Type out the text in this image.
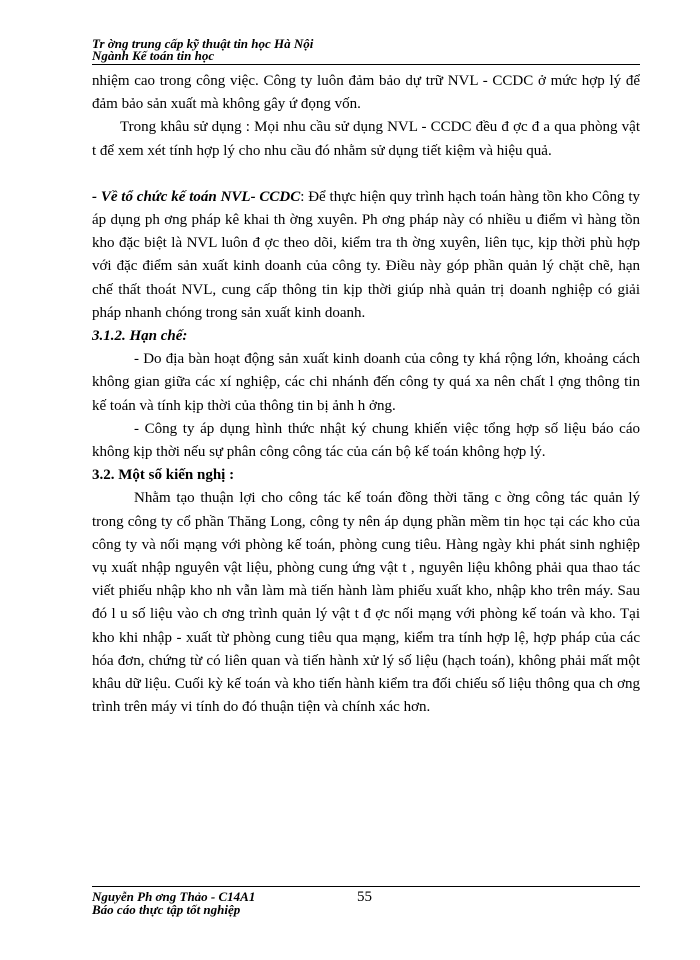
Tr ờng trung cấp kỹ thuật tin học Hà Nội
Ngành Kế toán tin học

nhiệm cao trong công việc. Công ty luôn đảm bảo dự trữ NVL - CCDC ở mức hợp lý để đảm bảo sản xuất mà không gây ứ đọng vốn.

Trong khâu sử dụng : Mọi nhu cầu sử dụng NVL - CCDC đều đ ợc đ a qua phòng vật t để xem xét tính hợp lý cho nhu cầu đó nhằm sử dụng tiết kiệm và hiệu quả.

- Về tổ chức kế toán NVL- CCDC: Để thực hiện quy trình hạch toán hàng tồn kho Công ty áp dụng ph ơng pháp kê khai th ờng xuyên. Ph ơng pháp này có nhiều u điểm vì hàng tồn kho đặc biệt là NVL luôn đ ợc theo dõi, kiểm tra th ờng xuyên, liên tục, kịp thời phù hợp với đặc điểm sản xuất kinh doanh của công ty. Điều này góp phần quản lý chặt chẽ, hạn chế thất thoát NVL, cung cấp thông tin kịp thời giúp nhà quản trị doanh nghiệp có giải pháp nhanh chóng trong sản xuất kinh doanh.

3.1.2. Hạn chế:

- Do địa bàn hoạt động sản xuất kinh doanh của công ty khá rộng lớn, khoảng cách không gian giữa các xí nghiệp, các chi nhánh đến công ty quá xa nên chất l ợng thông tin kế toán và tính kịp thời của thông tin bị ảnh h ởng.

- Công ty áp dụng hình thức nhật ký chung khiến việc tổng hợp số liệu báo cáo không kịp thời nếu sự phân công công tác của cán bộ kế toán không hợp lý.

3.2. Một số kiến nghị :

Nhằm tạo thuận lợi cho công tác kế toán đồng thời tăng c ờng công tác quản lý trong công ty cổ phần Thăng Long, công ty nên áp dụng phần mềm tin học tại các kho của công ty và nối mạng với phòng kế toán, phòng cung tiêu. Hàng ngày khi phát sinh nghiệp vụ xuất nhập nguyên vật liệu, phòng cung ứng vật t , nguyên liệu không phải qua thao tác viết phiếu nhập kho nh vẫn làm mà tiến hành làm phiếu xuất kho, nhập kho trên máy. Sau đó l u số liệu vào ch ơng trình quản lý vật t đ ợc nối mạng với phòng kế toán và kho. Tại kho khi nhập - xuất từ phòng cung tiêu qua mạng, kiểm tra tính hợp lệ, hợp pháp của các hóa đơn, chứng từ có liên quan và tiến hành xử lý số liệu (hạch toán), không phải mất một khâu dữ liệu. Cuối kỳ kế toán và kho tiến hành kiểm tra đối chiếu số liệu thông qua ch ơng trình trên máy vi tính do đó thuận tiện và chính xác hơn.

Nguyễn Ph ơng Thảo - C14A1
Báo cáo thực tập tốt nghiệp
55
